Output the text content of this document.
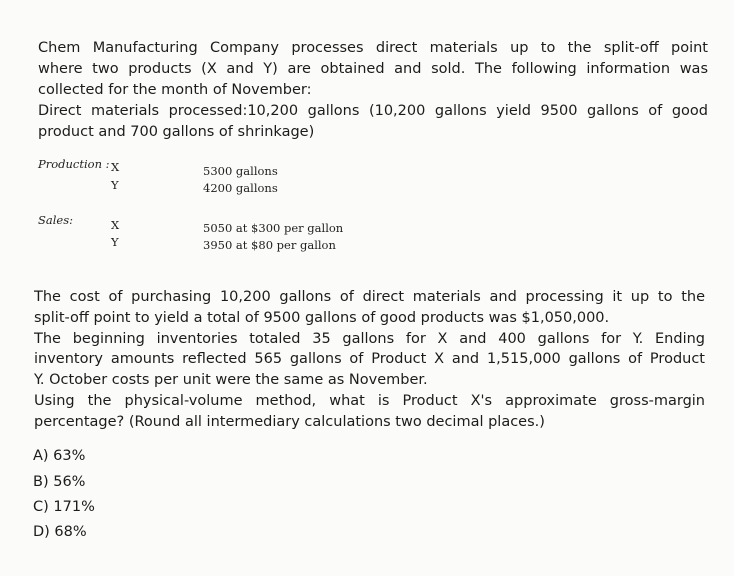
Chem Manufacturing Company processes direct materials up to the split-off point
where two products (X and Y) are obtained and sold. The following information was
collected for the month of November:
Direct materials processed:10,200 gallons (10,200 gallons yield 9500 gallons of good
product and 700 gallons of shrinkage)
Production : X
Y
5300 gallons
4200 gallons
Sales:	X
Y
5050 at $300 per gallon
3950 at $80 per gallon
The cost of purchasing 10,200 gallons of direct materials and processing it up to the
split-off point to yield a total of 9500 gallons of good products was $1,050,000.
The beginning inventories totaled 35 gallons for X and 400 gallons for Y. Ending
inventory amounts reflected 565 gallons of Product X and 1,515,000 gallons of Product
Y. October costs per unit were the same as November.
Using the physical-volume method, what is Product X's approximate gross-margin
percentage? (Round all intermediary calculations two decimal places.)
A) 63%
B) 56%
C) 171%
D) 68%
